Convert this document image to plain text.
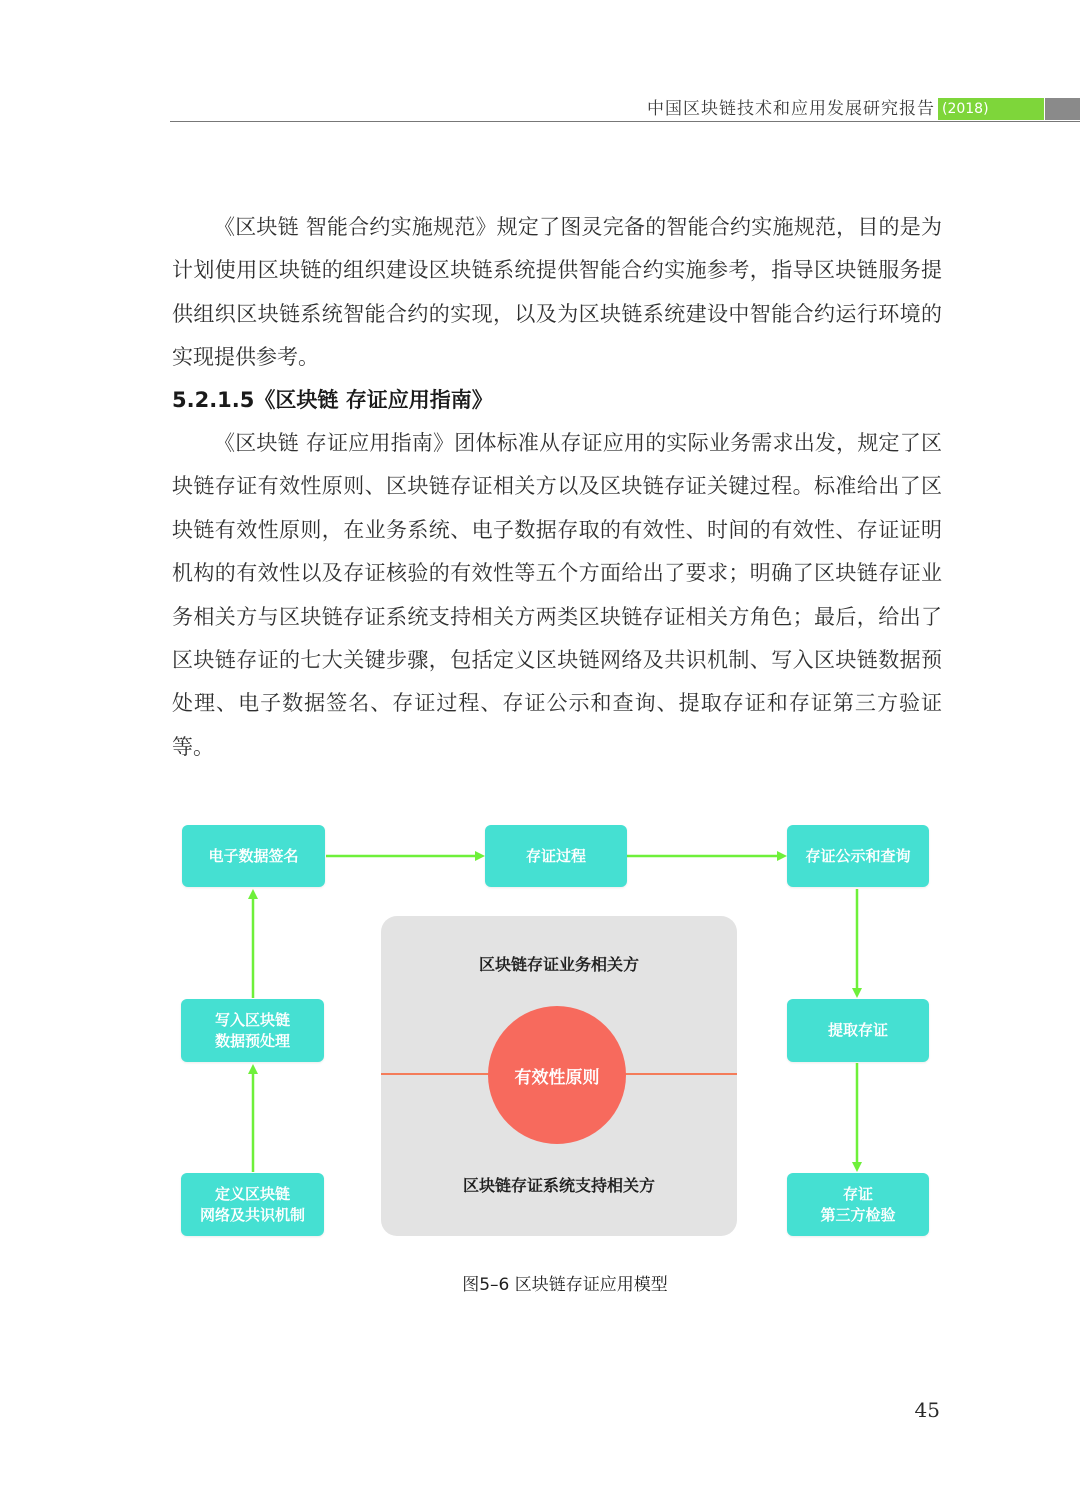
中国区块链技术和应用发展研究报告 (2018)

《区块链 智能合约实施规范》规定了图灵完备的智能合约实施规范，目的是为计划使用区块链的组织建设区块链系统提供智能合约实施参考，指导区块链服务提供组织区块链系统智能合约的实现，以及为区块链系统建设中智能合约运行环境的实现提供参考。

5.2.1.5《区块链 存证应用指南》

《区块链 存证应用指南》团体标准从存证应用的实际业务需求出发，规定了区块链存证有效性原则、区块链存证相关方以及区块链存证关键过程。标准给出了区块链有效性原则，在业务系统、电子数据存取的有效性、时间的有效性、存证证明机构的有效性以及存证核验的有效性等五个方面给出了要求；明确了区块链存证业务相关方与区块链存证系统支持相关方两类区块链存证相关方角色；最后，给出了区块链存证的七大关键步骤，包括定义区块链网络及共识机制、写入区块链数据预处理、电子数据签名、存证过程、存证公示和查询、提取存证和存证第三方验证等。

电子数据签名	存证过程	存证公示和查询
写入区块链
数据预处理
提取存证
定义区块链
网络及共识机制
存证
第三方检验
区块链存证业务相关方
有效性原则
区块链存证系统支持相关方
图5–6 区块链存证应用模型
45
